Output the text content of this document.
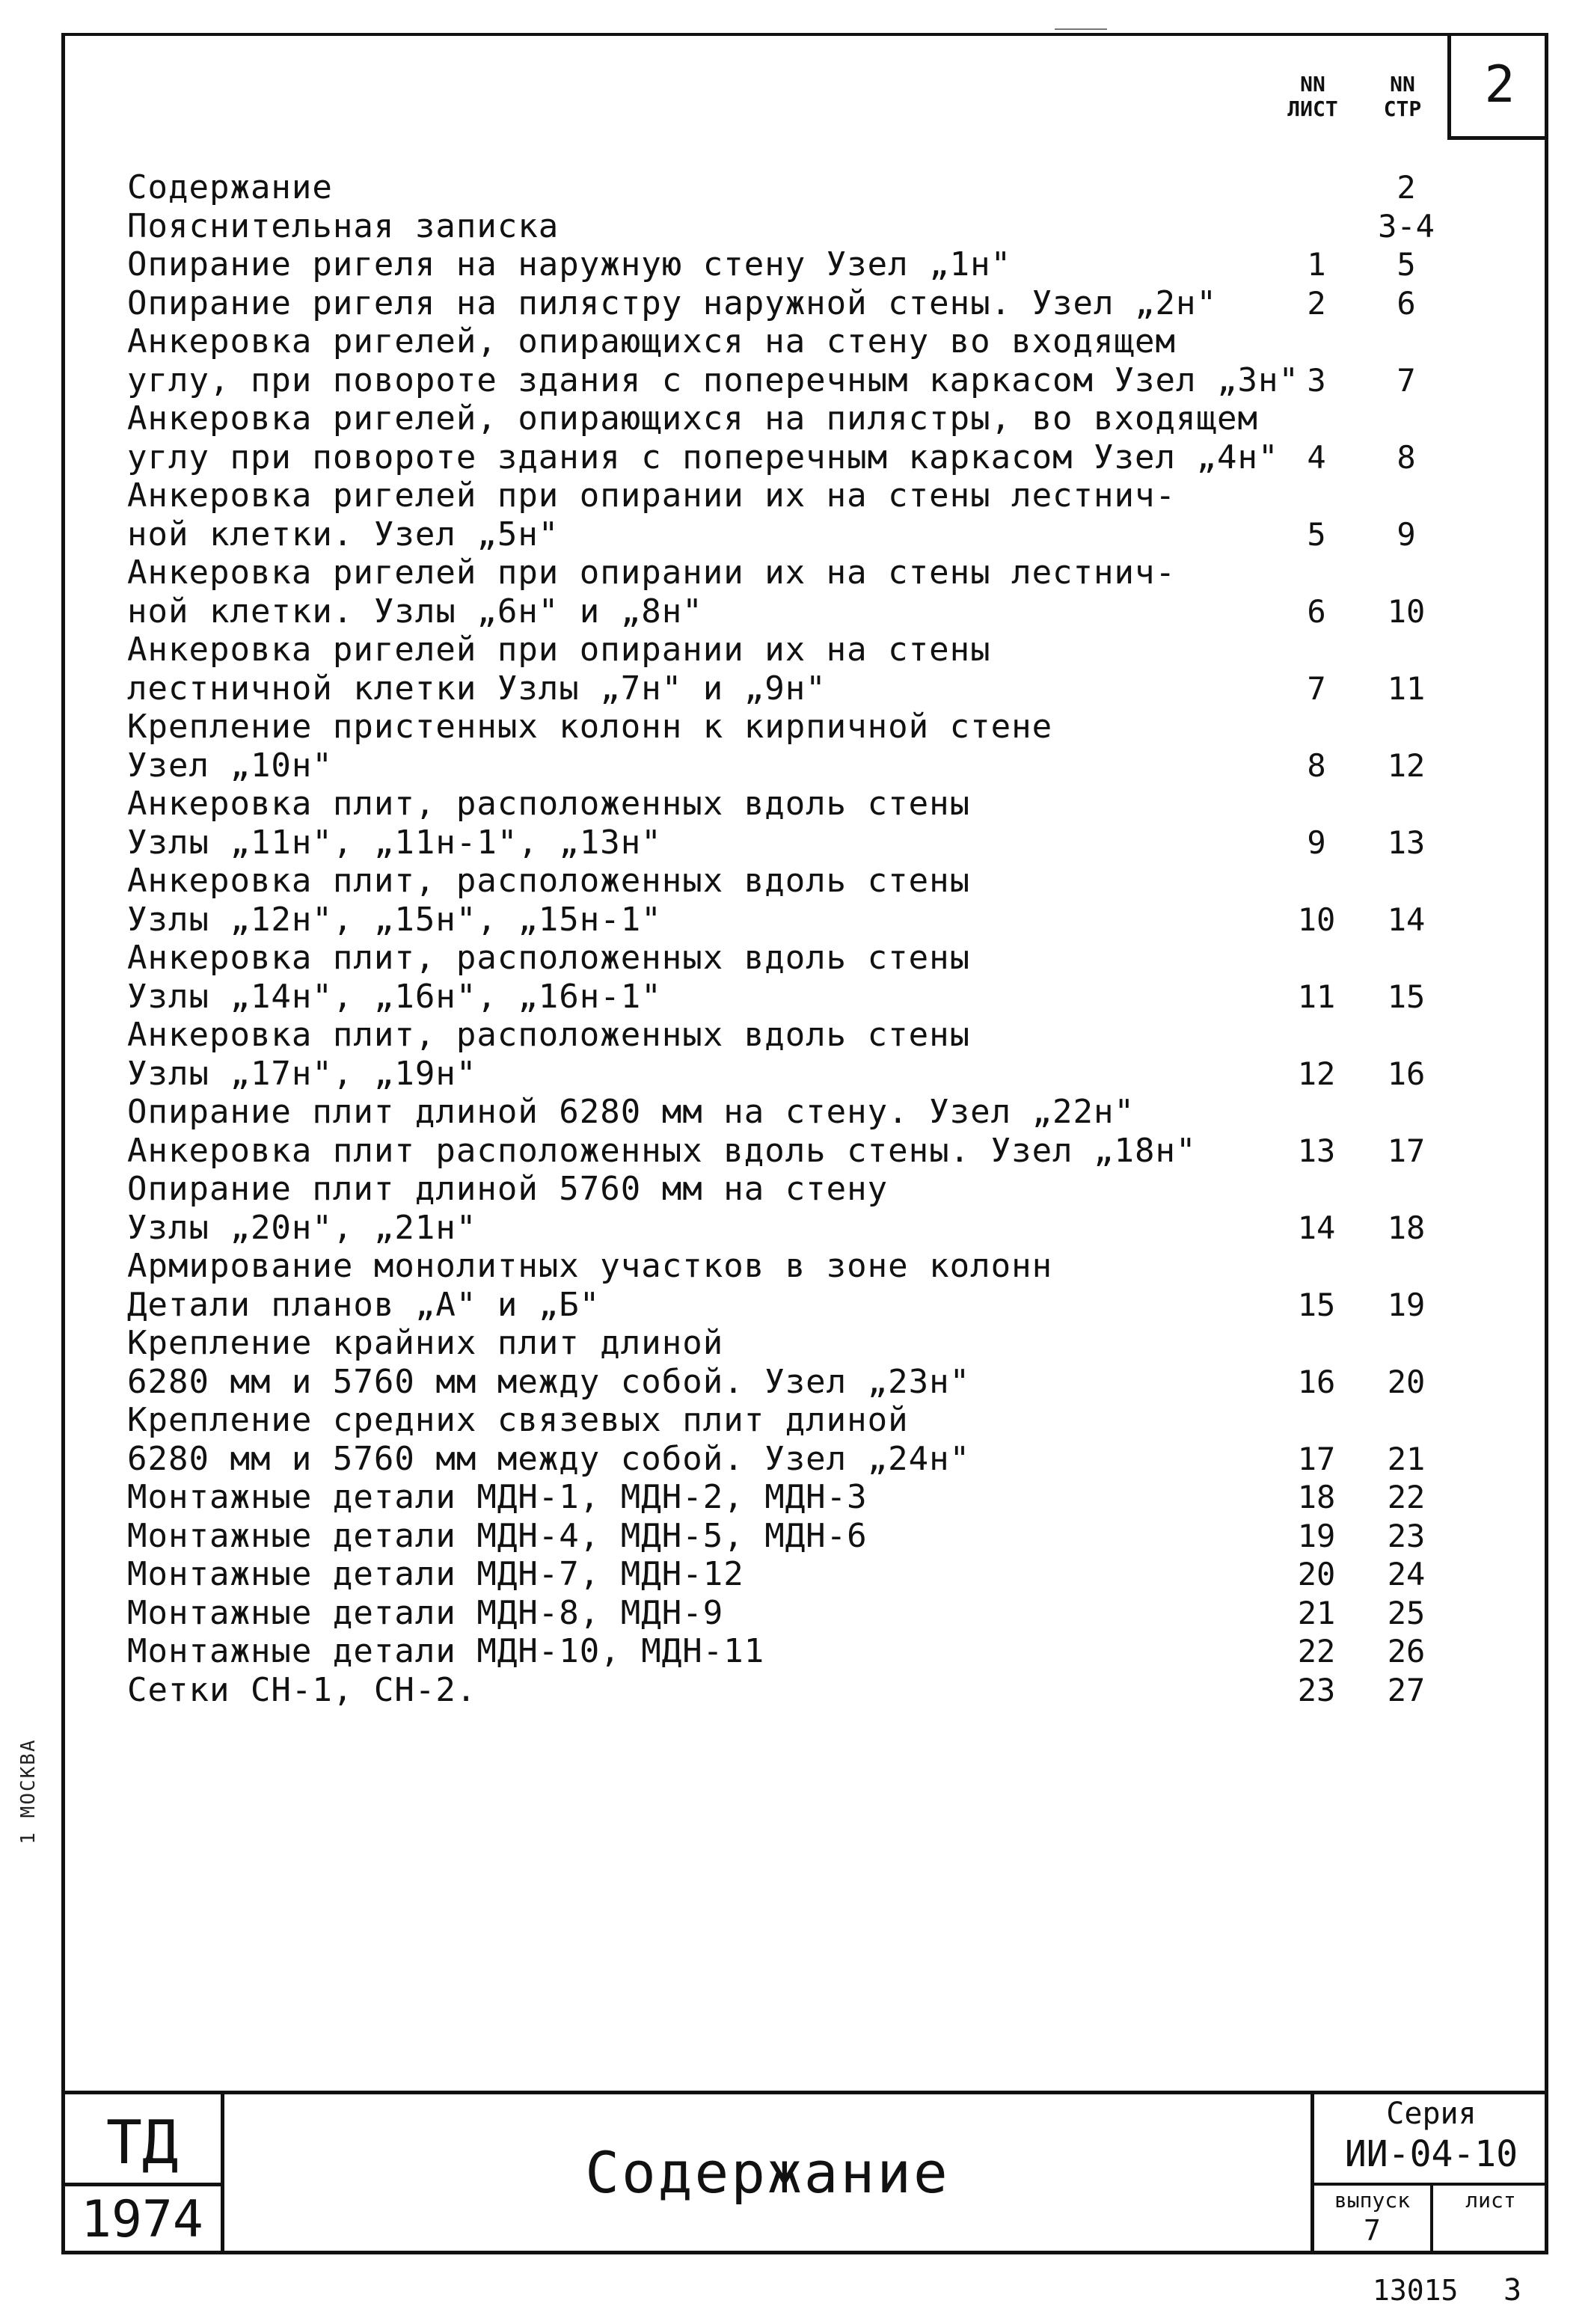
2
NN
ЛИСТ
NN
СТР
Содержание	2
Пояснительная записка	3-4
Опирание ригеля на наружную стену Узел „1н"	1	5
Опирание ригеля на пилястру наружной стены. Узел „2н"	2	6
Анкеровка ригелей, опирающихся на стену во входящем
углу, при повороте здания с поперечным каркасом Узел „3н" 3	7
Анкеровка ригелей, опирающихся на пилястры, во входящем
углу при повороте здания с поперечным каркасом Узел „4н" 4	8
Анкеровка ригелей при опирании их на стены лестнич-
ной клетки. Узел „5н"	5	9
Анкеровка ригелей при опирании их на стены лестнич-
ной клетки. Узлы „6н" и „8н"	6	10
Анкеровка ригелей при опирании их на стены
лестничной клетки Узлы „7н" и „9н"	7	11
Крепление пристенных колонн к кирпичной стене
Узел „10н"	8	12
Анкеровка плит, расположенных вдоль стены
Узлы „11н", „11н-1", „13н"	9	13
Анкеровка плит, расположенных вдоль стены
Узлы „12н", „15н", „15н-1"	10	14
Анкеровка плит, расположенных вдоль стены
Узлы „14н", „16н", „16н-1"	11	15
Анкеровка плит, расположенных вдоль стены
Узлы „17н", „19н"	12	16
Опирание плит длиной 6280 мм на стену. Узел „22н"
Анкеровка плит расположенных вдоль стены. Узел „18н"	13	17
Опирание плит длиной 5760 мм на стену
Узлы „20н", „21н"	14	18
Армирование монолитных участков в зоне колонн
Детали планов „А" и „Б"	15	19
Крепление крайних плит длиной
6280 мм и 5760 мм между собой. Узел „23н"	16	20
Крепление средних связевых плит длиной
6280 мм и 5760 мм между собой. Узел „24н"	17	21
Монтажные детали МДН-1, МДН-2, МДН-3	18	22
Монтажные детали МДН-4, МДН-5, МДН-6	19	23
Монтажные детали МДН-7, МДН-12	20	24
Монтажные детали МДН-8, МДН-9	21	25
Монтажные детали МДН-10, МДН-11	22	26
Сетки СН-1, СН-2.	23	27
1 MOCKBA
ТД
1974
Содержание
Серия
ИИ-04-10
выпуск
7
лист
13015 3
